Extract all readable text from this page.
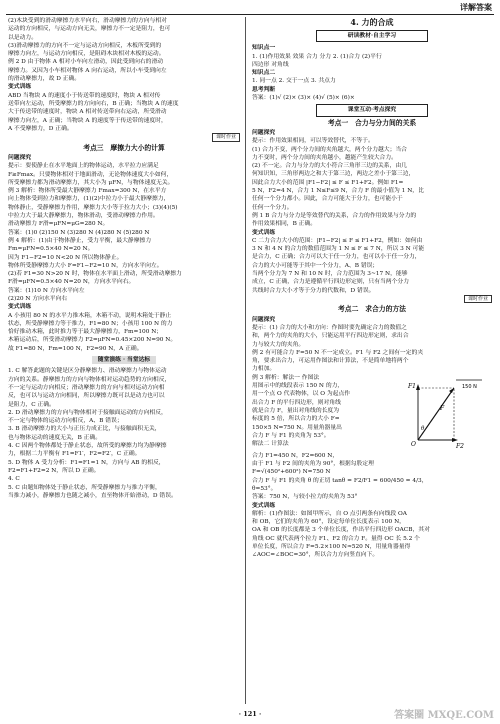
详解答案

(2)木块受到的滑动摩擦力水平向右，滑动摩擦力的方向与相对

运动的方向相反，与运动方向无关，摩擦力不一定是阻力，也可

以是动力。

(3)滑动摩擦力的方向不一定与运动方向相反，木板所受到的

摩擦力向左，与运动方向相反，是阻碍木块相对木板的运动。

例 2 D 由于物体 A 相对小车向左滑动，因此受到向右的滑动

摩擦力。又因为小车相对物体 A 向右运动，所以小车受到向左

的滑动摩擦力，故 D 正确。

变式训练

ABD 当物块 A 的速度小于传送带的速度时，物块 A 相对传

送带向左运动，所受摩擦力的方向向右，B 正确；当物块 A 的速度

大于传送带的速度时，物块 A 相对传送带向右运动，所受滑动

摩擦力向左，A 正确；当物块 A 的速度等于传送带的速度时，

A 不受摩擦力，D 正确。

课时作业

考点三　摩擦力大小的计算

问题探究

提示：要使静止在水平地面上的物体运动，水平拉力应满足

F≥Fmax。只要物体相对于地面滑动，无论物体速度大小如何，

所受摩擦力都为滑动摩擦力，其大小为 μFN，与物体速度无关。

例 3 解析：物体所受最大静摩擦力 Fmax=300 N，在水平方

向上物体受到拉力和摩擦力，(1)(2)中拉力小于最大静摩擦力，

物体静止，受静摩擦力作用，摩擦力大小等于拉力大小；(3)(4)(5)

中拉力大于最大静摩擦力，物体滑动，受滑动摩擦力作用。

滑动摩擦力 F滑=μFN=μG=280 N。

答案：(1)0 (2)150 N (3)280 N (4)280 N (5)280 N

例 4 解析：(1)由于物体静止，受力平衡，最大静摩擦力

Fm=μFN=0.5×40 N=20 N。

因为 F1−F2=10 N<20 N 所以物体静止。

物体所受静摩擦力大小 F=F1−F2=10 N，方向水平向左。

(2)若 F1=30 N>20 N 时，物体在水平面上滑动，所受滑动摩擦力

F滑=μFN=0.5×40 N=20 N，方向水平向右。

答案：(1)10 N 方向水平向左

(2)20 N 方向水平向右

变式训练

A 小孩用 80 N 的水平力推木箱，木箱不动，说明木箱处于静止

状态，所受静摩擦力等于推力，F1=80 N；小孩用 100 N 的力

恰好推动木箱，此时推力等于最大静摩擦力，Fm=100 N；

木箱运动后，所受滑动摩擦力 F2=μFN=0.45×200 N=90 N。

故 F1=80 N，Fm=100 N，F2=90 N，A 正确。

随堂演练 · 当堂达标

1. C 解答此题的关键是区分静摩擦力、滑动摩擦力与物体运动

方向的关系。静摩擦力的方向与物体相对运动趋势的方向相反，

不一定与运动方向相反；滑动摩擦力的方向与相对运动方向相

反，也可以与运动方向相同，所以摩擦力既可以是动力也可以

是阻力，C 正确。

2. D 滑动摩擦力的方向与物体相对于接触面运动的方向相反，

不一定与物体的运动方向相反，A、B 错误；

3. B 滑动摩擦力的大小与正压力成正比，与接触面积无关，

也与物体运动的速度无关，B 正确。

4. C 因两个物体都处于静止状态，故所受的摩擦力均为静摩擦

力，根据二力平衡有 F1=F1′，F2=F2′，C 正确。

5. D 物体 A 受力分析：F1=F1=1 N，方向与 AB 的相反，

F2=F1+F2=2 N，所以 D 正确。

4. C

5. C 由题知物体处于静止状态，所受静摩擦力与推力平衡，

当推力减小，静摩擦力也随之减小，直至物体开始滑动，D 错误。

4. 力的合成

研读教材·自主学习

知识点一

1. (1)作用效果 效果 合力 分力 2. (1)合力 (2)平行

四边形 对角线

知识点二

1. 同一点 2. 交于一点 3. 共点力

思考判断

答案：(1)√ (2)× (3)× (4)√ (5)× (6)×

课堂互动·考点探究

考点一　合力与分力间的关系

问题探究

提示：作用效果相同，可以等效替代，不等于。

(1) 合力不变，两个分力间的夹角越大，两个分力越大；当合

力不变时，两个分力间的夹角越小，越能产生较大合力。

(2) 不一定。合力与分力的大小符合三角形三边的关系，由几

何知识知，三角形两边之和大于第三边，两边之差小于第三边，

因此合力大小的范围 |F1−F2| ≤ F ≤ F1+F2。例如 F1=

5 N，F2=4 N，合力 1 N≤F≤9 N，合力 F 的最小值为 1 N，比

任何一个分力都小。因此，合力可能大于分力，也可能小于

任何一个分力。

例 1 B 合力与分力是等效替代的关系，合力的作用效果与分力的

作用效果相同，B 正确。

变式训练

C 二力合力大小的范围：|F1−F2| ≤ F ≤ F1+F2，例如：如何由

3 N 和 4 N 的合力的数值范围为 1 N ≤ F ≤ 7 N，所以 3 N 可能

是合力，C 正确；合力可以大于任一分力，也可以小于任一分力，

合力的大小可能等于其中一个分力，A、B 错误；

当两个分力为 7 N 和 10 N 时，合力范围为 3~17 N，能够

成立，C 正确，合力是遵循平行四边形定则，只有当两个分力

共线时合力大小才等于分力的代数和，D 错误。

课时作业

考点二　求合力的方法

问题探究

提示：(1) 合力的大小和方向：作图时要先确定合力的数值之

和，两个力的夹角的大小，只能运用平行四边形定则，求出合

力与较大力的夹角。

例 2 有可能合力 F=50 N 不一定成立。F1 与 F2 之间有一定的夹

角，要求出合力，可运用作图法和计算法，不是简单地将两个

力相加。

例 3 解析：解法一 作图法

用图示中的线段表示 150 N 的力，

用一个点 O 代表物体，以 O 为起点作

出合力 F 的平行四边形，则对角线

就是合力 F，量出对角线的长度为

标度的 5 倍，所以合力的大小 F=

150×5 N=750 N。用量角器量出

合力 F 与 F1 的夹角为 53°。

解法二 计算法

150 N
F1
F
θ
O	F2

合力 F1=450 N，F2=600 N，

由于 F1 与 F2 间的夹角为 90°，根据勾股定理

F=√(450²+600²) N=750 N

合力 F 与 F1 的夹角 θ 的正切 tanθ = F2/F1 = 600/450 = 4/3，

θ=53°。

答案：750 N，与较小拉力的夹角为 53°

变式训练

解析：(1)作图法：如图甲所示，自 O 点引两条有向线段 OA

和 OB，它们的夹角为 60°，设定每单位长度表示 100 N，

OA 和 OB 的长度都是 3 个单位长度，作出平行四边形 OACB，其对

角线 OC 就代表两个拉力 F1、F2 的合力 F。量得 OC 长 5.2 个

单位长度，所以合力 F=5.2×100 N≈520 N，用量角器量得

∠AOC=∠BOC=30°，所以合力方向竖直向下。

· 121 ·	答案圈 MXQE.COM
